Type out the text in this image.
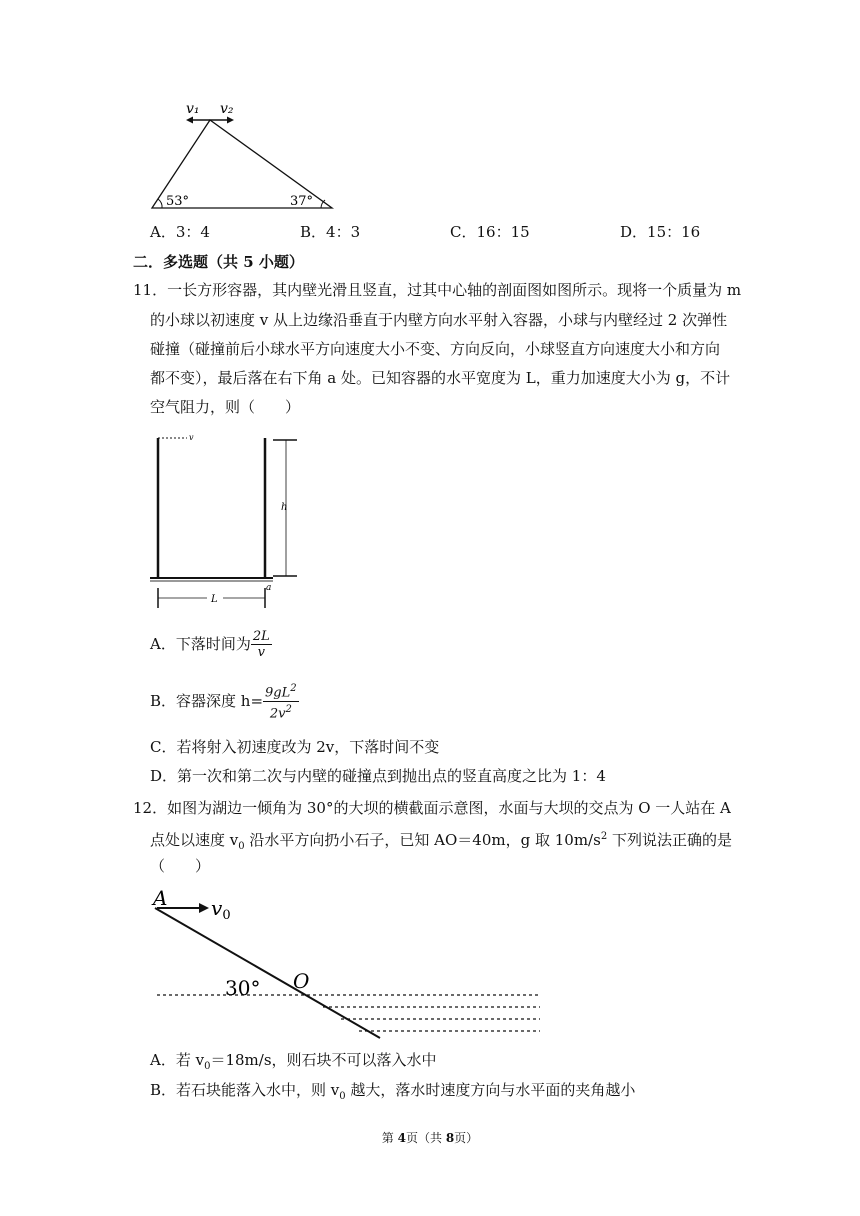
v₁ v₂
53°	37°
A．3：4	B．4：3	C．16：15	D．15：16
二．多选题（共 5 小题）
11．一长方形容器，其内壁光滑且竖直，过其中心轴的剖面图如图所示。现将一个质量为 m
的小球以初速度 v 从上边缘沿垂直于内壁方向水平射入容器，小球与内壁经过 2 次弹性
碰撞（碰撞前后小球水平方向速度大小不变、方向反向，小球竖直方向速度大小和方向
都不变），最后落在右下角 a 处。已知容器的水平宽度为 L，重力加速度大小为 g，不计
空气阻力，则（　　）
v
h
L
a
A．下落时间为 $\frac{2L}{v}$
B．容器深度 $h= \frac{9gL^2}{2v^2}$
C．若将射入初速度改为 2v，下落时间不变
D．第一次和第二次与内壁的碰撞点到抛出点的竖直高度之比为 1：4
12．如图为湖边一倾角为 30°的大坝的横截面示意图，水面与大坝的交点为 O 一人站在 A
点处以速度 $v_0$ 沿水平方向扔小石子，已知 AO＝40m，g 取 $10m/s^2$ 下列说法正确的是
（　　）
A $v_0$
30° O
A．若 $v_0=18m/s$，则石块不可以落入水中
B．若石块能落入水中，则 $v_0$ 越大，落水时速度方向与水平面的夹角越小
第 4页（共 8页）
